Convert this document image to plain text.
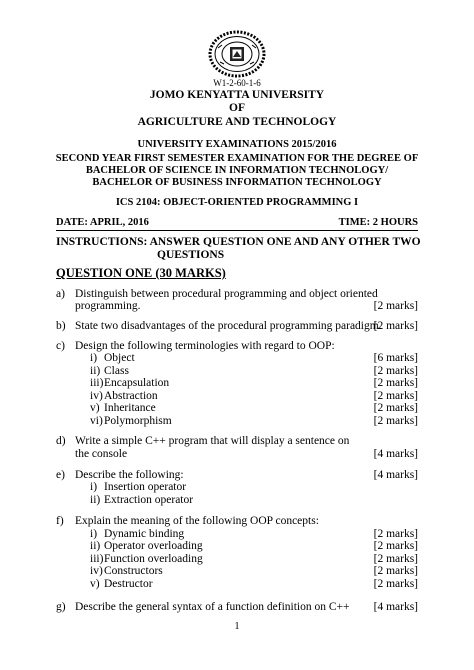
W1-2-60-1-6
JOMO KENYATTA UNIVERSITY
OF
AGRICULTURE AND TECHNOLOGY
UNIVERSITY EXAMINATIONS 2015/2016
SECOND YEAR FIRST SEMESTER EXAMINATION FOR THE DEGREE OF
BACHELOR OF SCIENCE IN INFORMATION TECHNOLOGY/
BACHELOR OF BUSINESS INFORMATION TECHNOLOGY
ICS 2104: OBJECT-ORIENTED PROGRAMMING I
DATE: APRIL, 2016	TIME: 2 HOURS
INSTRUCTIONS: ANSWER QUESTION ONE AND ANY OTHER TWO
QUESTIONS
QUESTION ONE (30 MARKS)
a) Distinguish between procedural programming and object oriented
programming.	[2 marks]
b) State two disadvantages of the procedural programming paradigm.
[2 marks]
c) Design the following terminologies with regard to OOP:
i) Object	[6 marks]
ii) Class	[2 marks]
iii) Encapsulation	[2 marks]
iv) Abstraction	[2 marks]
v) Inheritance	[2 marks]
vi) Polymorphism	[2 marks]
d) Write a simple C++ program that will display a sentence on
the console	[4 marks]
e) Describe the following:	[4 marks]
i) Insertion operator
ii) Extraction operator
f) Explain the meaning of the following OOP concepts:
i) Dynamic binding	[2 marks]
ii) Operator overloading	[2 marks]
iii) Function overloading	[2 marks]
iv) Constructors	[2 marks]
v) Destructor	[2 marks]
g) Describe the general syntax of a function definition on C++	[4 marks]
1
